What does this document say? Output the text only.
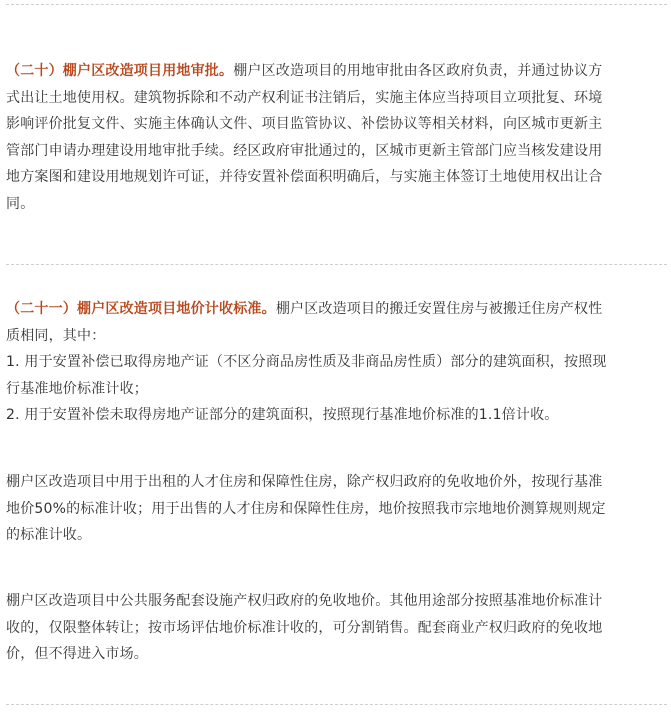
（二十）棚户区改造项目用地审批。棚户区改造项目的用地审批由各区政府负责，并通过协议方
式出让土地使用权。建筑物拆除和不动产权利证书注销后，实施主体应当持项目立项批复、环境
影响评价批复文件、实施主体确认文件、项目监管协议、补偿协议等相关材料，向区城市更新主
管部门申请办理建设用地审批手续。经区政府审批通过的，区城市更新主管部门应当核发建设用
地方案图和建设用地规划许可证，并待安置补偿面积明确后，与实施主体签订土地使用权出让合
同。

（二十一）棚户区改造项目地价计收标准。棚户区改造项目的搬迁安置住房与被搬迁住房产权性
质相同，其中：
1. 用于安置补偿已取得房地产证（不区分商品房性质及非商品房性质）部分的建筑面积，按照现
行基准地价标准计收；
2. 用于安置补偿未取得房地产证部分的建筑面积，按照现行基准地价标准的1.1倍计收。

棚户区改造项目中用于出租的人才住房和保障性住房，除产权归政府的免收地价外，按现行基准
地价50%的标准计收；用于出售的人才住房和保障性住房，地价按照我市宗地地价测算规则规定
的标准计收。

棚户区改造项目中公共服务配套设施产权归政府的免收地价。其他用途部分按照基准地价标准计
收的，仅限整体转让；按市场评估地价标准计收的，可分割销售。配套商业产权归政府的免收地
价，但不得进入市场。
